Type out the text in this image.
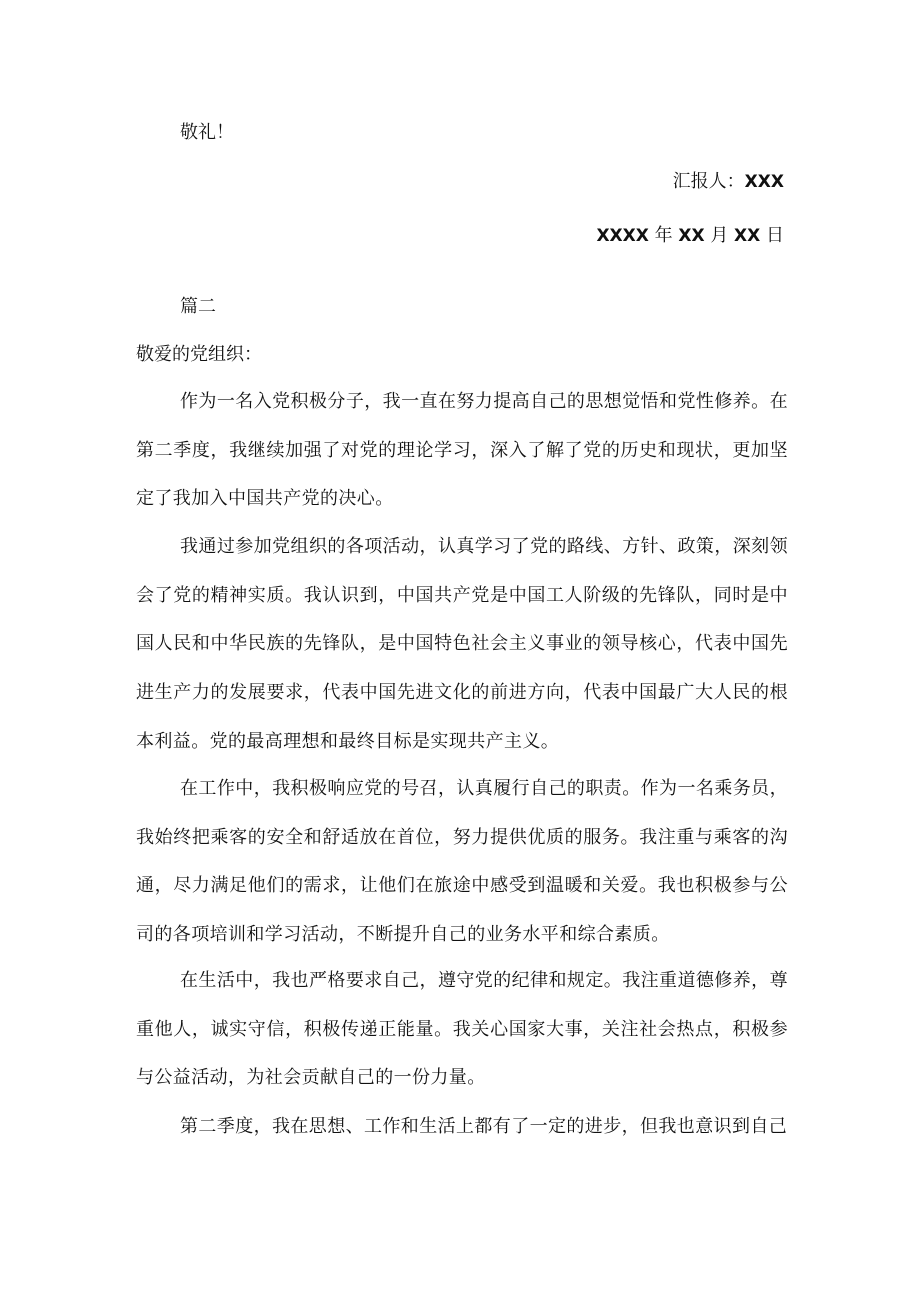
敬礼！
汇报人：XXX
XXXX 年 XX 月 XX 日
篇二
敬爱的党组织：

作为一名入党积极分子，我一直在努力提高自己的思想觉悟和党性修养。在第二季度，我继续加强了对党的理论学习，深入了解了党的历史和现状，更加坚定了我加入中国共产党的决心。

我通过参加党组织的各项活动，认真学习了党的路线、方针、政策，深刻领会了党的精神实质。我认识到，中国共产党是中国工人阶级的先锋队，同时是中国人民和中华民族的先锋队，是中国特色社会主义事业的领导核心，代表中国先进生产力的发展要求，代表中国先进文化的前进方向，代表中国最广大人民的根本利益。党的最高理想和最终目标是实现共产主义。

在工作中，我积极响应党的号召，认真履行自己的职责。作为一名乘务员，我始终把乘客的安全和舒适放在首位，努力提供优质的服务。我注重与乘客的沟通，尽力满足他们的需求，让他们在旅途中感受到温暖和关爱。我也积极参与公司的各项培训和学习活动，不断提升自己的业务水平和综合素质。

在生活中，我也严格要求自己，遵守党的纪律和规定。我注重道德修养，尊重他人，诚实守信，积极传递正能量。我关心国家大事，关注社会热点，积极参与公益活动，为社会贡献自己的一份力量。

第二季度，我在思想、工作和生活上都有了一定的进步，但我也意识到自己
